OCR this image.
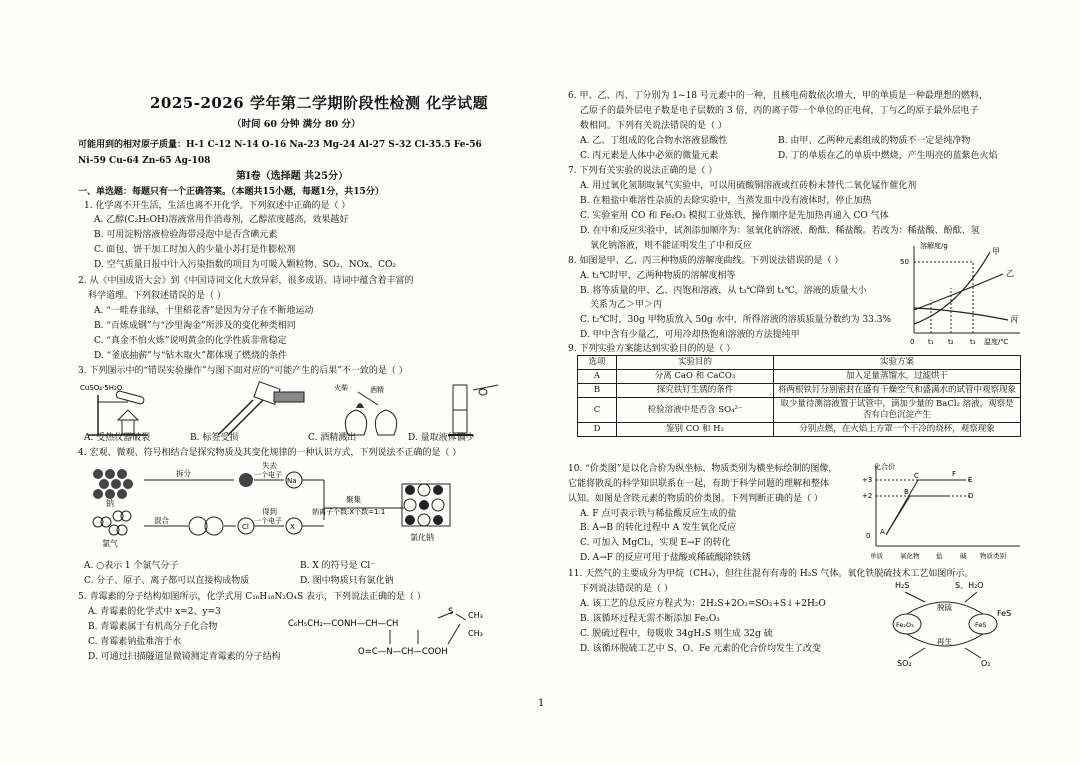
2025-2026 学年第二学期阶段性检测 化学试题
（时间 60 分钟 满分 80 分）
可能用到的相对原子质量：H-1 C-12 N-14 O-16 Na-23 Mg-24 Al-27 S-32 Cl-35.5 Fe-56
Ni-59 Cu-64 Zn-65 Ag-108
第Ⅰ卷（选择题 共25分）
一、单选题：每题只有一个正确答案。（本题共15小题，每题1分，共15分）
1. 化学离不开生活，生活也离不开化学。下列叙述中正确的是（ ）
A. 乙醇(C₂H₅OH)溶液常用作消毒剂，乙醇浓度越高，效果越好
B. 可用淀粉溶液检验海带浸泡中是否含碘元素
C. 面包、饼干加工时加入的少量小苏打是作膨松剂
D. 空气质量日报中计入污染指数的项目为可吸入颗粒物、SO₂、NOx、CO₂
2. 从《中国成语大会》到《中国诗词文化大放异彩，很多成语、诗词中蕴含着丰富的
科学道理。下列叙述错误的是（ ）
A. “一畦春韭绿，十里稻花香”是因为分子在不断地运动
B. “百炼成钢”与“沙里淘金”所涉及的变化种类相同
C. “真金不怕火炼”说明黄金的化学性质非常稳定
D. “釜底抽薪”与“钻木取火”都体现了燃烧的条件
3. 下列图示中的“错误实验操作”与图下面对应的“可能产生的后果”不一致的是（ ）
CuSO₄·5H₂O	火柴	酒精
A. 受热仪器破裂	B. 标签受损	C. 酒精溅出	D. 量取液体偏少
4. 宏观、微观、符号相结合是探究物质及其变化规律的一种认识方式，下列说法不正确的是（ ）
钠
拆分
失去
一个电子
Na
聚集
钠离子个数:X个数=1:1
氯化钠
氯气
混合
Cl
得到
一个电子
X
A. ○表示 1 个氯气分子	B. X 的符号是 Cl⁻
C. 分子、原子、离子都可以直接构成物质	D. 图中物质只有氯化钠
5. 青霉素的分子结构如图所示，化学式用 C₁₆H₁₈N₂O₄S 表示，下列说法正确的是（ ）
A. 青霉素的化学式中 x=2、y=3
B. 青霉素属于有机高分子化合物
C. 青霉素钠盐难溶于水
D. 可通过扫描隧道显微镜测定青霉素的分子结构
C₆H₅CH₂—CONH—CH—CH
S CH₃
CH₃
O=C—N—CH—COOH
6. 甲、乙、丙、丁分别为 1~18 号元素中的一种，且核电荷数依次增大，甲的单质是一种最理想的燃料，
乙原子的最外层电子数是电子层数的 3 倍，丙的离子带一个单位的正电荷，丁与乙的原子最外层电子
数相同。下列有关说法错误的是（ ）
A. 乙、丁组成的化合物水溶液显酸性	B. 由甲、乙两种元素组成的物质不一定是纯净物
C. 丙元素是人体中必须的微量元素	D. 丁的单质在乙的单质中燃烧，产生明亮的蓝紫色火焰
7. 下列有关实验的说法正确的是（ ）
A. 用过氧化氢制取氧气实验中，可以用硫酸铜溶液或红砖粉末替代二氧化锰作催化剂
B. 在粗盐中难溶性杂质的去除实验中，当蒸发皿中没有液体时，停止加热
C. 实验室用 CO 和 Fe₂O₃ 模拟工业炼铁，操作顺序是先加热再通入 CO 气体
D. 在中和反应实验中，试剂添加顺序为：氢氧化钠溶液、酚酞、稀盐酸。若改为：稀盐酸、酚酞、氢
氧化钠溶液，则不能证明发生了中和反应
8. 如图是甲、乙、丙三种物质的溶解度曲线。下列说法错误的是（ ）
A. t₁℃时甲、乙两种物质的溶解度相等
B. 将等质量的甲、乙、丙饱和溶液，从 t₃℃降到 t₁℃，溶液的质量大小
关系为乙＞甲＞丙
C. t₂℃时，30g 甲物质放入 50g 水中，所得溶液的溶质质量分数约为 33.3%
D. 甲中含有少量乙，可用冷却热饱和溶液的方法提纯甲
溶解度/g
温度/℃
50
0 t₁ t₂ t₃
甲
乙
丙
9. 下列实验方案能达到实验目的的是（ ）
选项	实验目的	实验方案
A	分离 CaO 和 CaCO₃	加入足量蒸馏水，过滤烘干
B	探究铁钉生锈的条件	将两根铁钉分别密封在盛有干燥空气和盛满水的试管中观察现象
C	检验溶液中是否含 SO₄²⁻	取少量待测溶液置于试管中，滴加少量的 BaCl₂ 溶液，观察是否有白色沉淀产生
D	鉴别 CO 和 H₂	分别点燃，在火焰上方罩一个干冷的烧杯，观察现象
10. “价类图”是以化合价为纵坐标、物质类别为横坐标绘制的图像，
它能将散乱的科学知识联系在一起，有助于科学问题的理解和整体
认知。如图是含铁元素的物质的价类图。下列判断正确的是（ ）
A. F 点可表示铁与稀盐酸反应生成的盐
B. A→B 的转化过程中 A 发生氧化反应
C. 可加入 MgCl₂，实现 E→F 的转化
D. A→F 的反应可用于盐酸或稀硫酸除铁锈
化合价
+3
+2
0 A
B
C
D
E
F
单质	氧化物	盐	碱 物质类别
11. 天然气的主要成分为甲烷（CH₄），但往往混有有毒的 H₂S 气体。氧化铁脱硫技术工艺如图所示。
下列说法错误的是（ ）
A. 该工艺的总反应方程式为：2H₂S+2O₂=SO₂+S↓+2H₂O
B. 该循环过程无需不断添加 Fe₂O₃
C. 脱硫过程中，每吸收 34gH₂S 则生成 32g 硫
D. 该循环脱硫工艺中 S、O、Fe 元素的化合价均发生了改变
H₂S	S、H₂O
FeS
脱硫
再生
Fe₂O₃	FeS
SO₂	O₂
1
